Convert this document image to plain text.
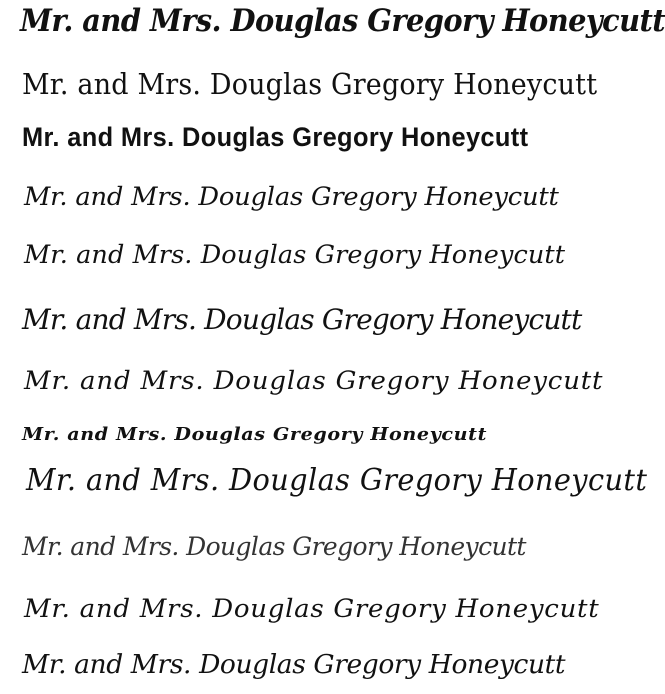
Mr. and Mrs. Douglas Gregory Honeycutt
Mr. and Mrs. Douglas Gregory Honeycutt
Mr. and Mrs. Douglas Gregory Honeycutt
Mr. and Mrs. Douglas Gregory Honeycutt
Mr. and Mrs. Douglas Gregory Honeycutt
Mr. and Mrs. Douglas Gregory Honeycutt
Mr. and Mrs. Douglas Gregory Honeycutt
Mr. and Mrs. Douglas Gregory Honeycutt
Mr. and Mrs. Douglas Gregory Honeycutt
Mr. and Mrs. Douglas Gregory Honeycutt
Mr. and Mrs. Douglas Gregory Honeycutt
Mr. and Mrs. Douglas Gregory Honeycutt
